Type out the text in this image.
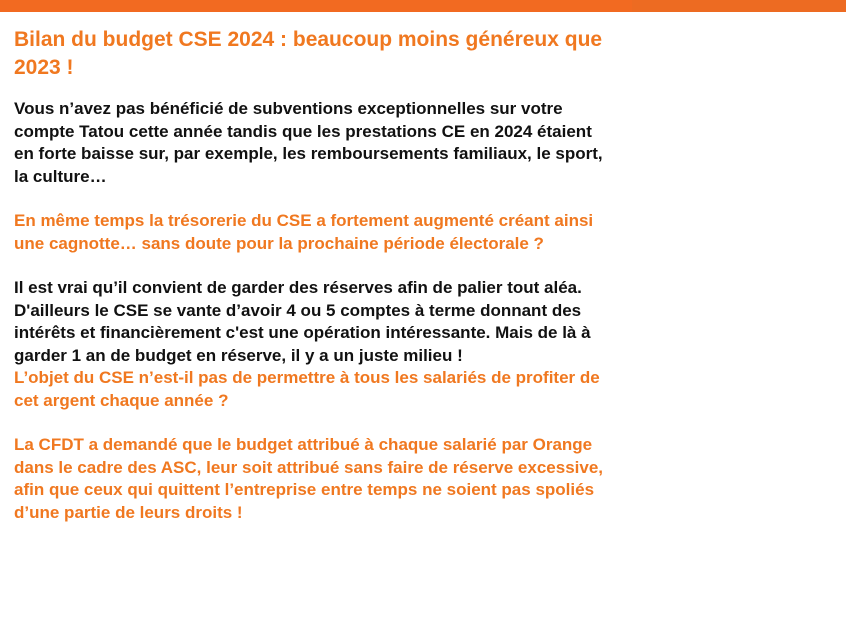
Bilan du budget CSE 2024 : beaucoup moins généreux que 2023 !

Vous n’avez pas bénéficié de subventions exceptionnelles sur votre compte Tatou cette année tandis que les prestations CE en 2024 étaient en forte baisse sur, par exemple, les remboursements familiaux, le sport, la culture…

En même temps la trésorerie du CSE a fortement augmenté créant ainsi une cagnotte… sans doute pour la prochaine période électorale ?

Il est vrai qu’il convient de garder des réserves afin de palier tout aléa. D'ailleurs le CSE se vante d’avoir 4 ou 5 comptes à terme donnant des intérêts et financièrement c'est une opération intéressante. Mais de là à garder 1 an de budget en réserve, il y a un juste milieu !

L’objet du CSE n’est-il pas de permettre à tous les salariés de profiter de cet argent chaque année ?

La CFDT a demandé que le budget attribué à chaque salarié par Orange dans le cadre des ASC, leur soit attribué sans faire de réserve excessive, afin que ceux qui quittent l’entreprise entre temps ne soient pas spoliés d’une partie de leurs droits !
